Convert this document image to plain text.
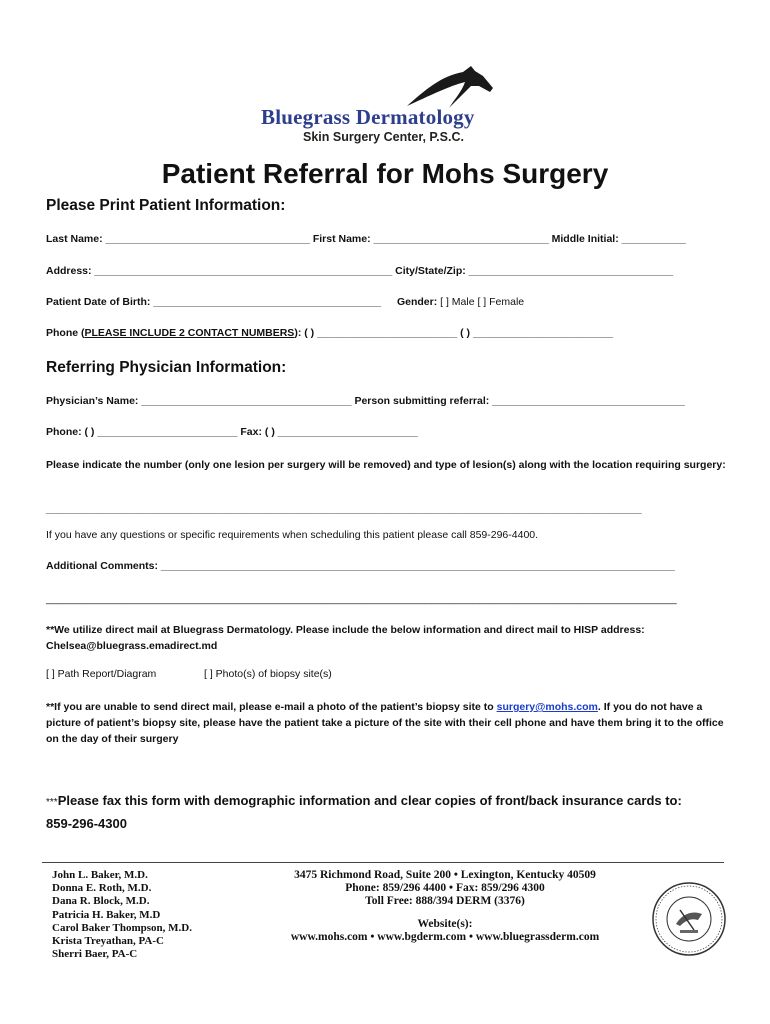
Bluegrass Dermatology
Skin Surgery Center, P.S.C.
Patient Referral for Mohs Surgery
Please Print Patient Information:
Last Name: ___________________________________ First Name: ______________________________ Middle Initial: ___________
Address: ___________________________________________________ City/State/Zip: ___________________________________
Patient Date of Birth: _______________________________________ Gender: [ ] Male [ ] Female
Phone (PLEASE INCLUDE 2 CONTACT NUMBERS): ( ) ________________________ ( ) ________________________
Referring Physician Information:
Physician’s Name: ____________________________________ Person submitting referral: _________________________________
Phone: ( ) ________________________ Fax: ( ) ________________________
Please indicate the number (only one lesion per surgery will be removed) and type of lesion(s) along with the location requiring surgery:
______________________________________________________________________________________________________
If you have any questions or specific requirements when scheduling this patient please call 859-296-4400.
Additional Comments: ________________________________________________________________________________________
____________________________________________________________________________________________________________
**We utilize direct mail at Bluegrass Dermatology. Please include the below information and direct mail to HISP address: Chelsea@bluegrass.emadirect.md
[ ] Path Report/Diagram	[ ] Photo(s) of biopsy site(s)
**If you are unable to send direct mail, please e-mail a photo of the patient’s biopsy site to surgery@mohs.com. If you do not have a picture of patient’s biopsy site, please have the patient take a picture of the site with their cell phone and have them bring it to the office on the day of their surgery
***Please fax this form with demographic information and clear copies of front/back insurance cards to:
859-296-4300
John L. Baker, M.D.
Donna E. Roth, M.D.
Dana R. Block, M.D.
Patricia H. Baker, M.D
Carol Baker Thompson, M.D.
Krista Treyathan, PA-C
Sherri Baer, PA-C
3475 Richmond Road, Suite 200 • Lexington, Kentucky 40509
Phone: 859/296 4400 • Fax: 859/296 4300
Toll Free: 888/394 DERM (3376)
Website(s):
www.mohs.com • www.bgderm.com • www.bluegrassderm.com
